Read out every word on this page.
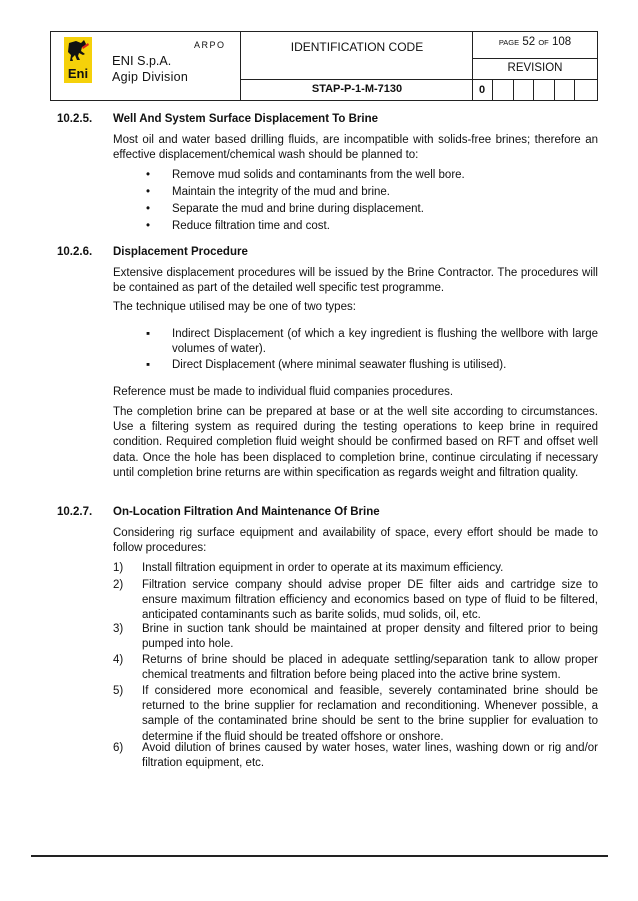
Eni
ARPO
ENI S.p.A.
Agip Division
IDENTIFICATION CODE	PAGE 52 OF 108
REVISION
STAP-P-1-M-7130	0
10.2.5. Well And System Surface Displacement To Brine
Most oil and water based drilling fluids, are incompatible with solids-free brines; therefore an effective displacement/chemical wash should be planned to:
• Remove mud solids and contaminants from the well bore.
• Maintain the integrity of the mud and brine.
• Separate the mud and brine during displacement.
• Reduce filtration time and cost.
10.2.6. Displacement Procedure
Extensive displacement procedures will be issued by the Brine Contractor. The procedures will be contained as part of the detailed well specific test programme.
The technique utilised may be one of two types:
▪ Indirect Displacement (of which a key ingredient is flushing the wellbore with large volumes of water).
▪ Direct Displacement (where minimal seawater flushing is utilised).
Reference must be made to individual fluid companies procedures.
The completion brine can be prepared at base or at the well site according to circumstances. Use a filtering system as required during the testing operations to keep brine in required condition. Required completion fluid weight should be confirmed based on RFT and offset well data. Once the hole has been displaced to completion brine, continue circulating if necessary until completion brine returns are within specification as regards weight and filtration quality.
10.2.7. On-Location Filtration And Maintenance Of Brine
Considering rig surface equipment and availability of space, every effort should be made to follow procedures:
1) Install filtration equipment in order to operate at its maximum efficiency.
2) Filtration service company should advise proper DE filter aids and cartridge size to ensure maximum filtration efficiency and economics based on type of fluid to be filtered, anticipated contaminants such as barite solids, mud solids, oil, etc.
3) Brine in suction tank should be maintained at proper density and filtered prior to being pumped into hole.
4) Returns of brine should be placed in adequate settling/separation tank to allow proper chemical treatments and filtration before being placed into the active brine system.
5) If considered more economical and feasible, severely contaminated brine should be returned to the brine supplier for reclamation and reconditioning. Whenever possible, a sample of the contaminated brine should be sent to the brine supplier for evaluation to determine if the fluid should be treated offshore or onshore.
6) Avoid dilution of brines caused by water hoses, water lines, washing down or rig and/or filtration equipment, etc.
